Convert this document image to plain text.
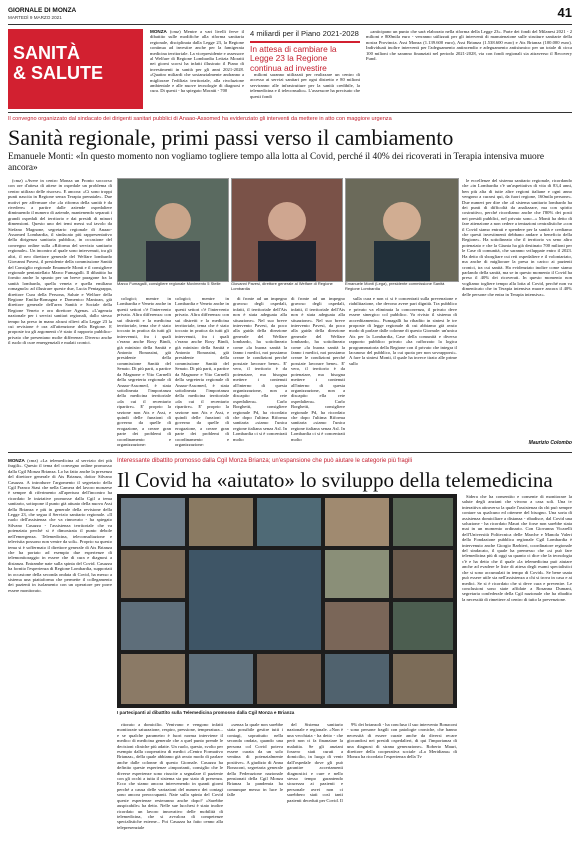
GIORNALE DI MONZA
MARTEDÌ 9 MARZO 2021	41
SANITÀ
& SALUTE

MONZA (cmz) Mentre a vari livelli ferve il dibattito sulle modifiche alla riforma sanitaria regionale, disciplinata dalla Legge 23, la Regione continua ad investire anche per la famigerata medicina territoriale. La vicepresidente e assessore al Welfare di Regione Lombardia Letizia Moratti nei giorni scorsi ha infatti illustrato il Piano di investimenti in sanità per gli anni 2021-2028. «Quattro miliardi che sostanzialmente andranno a migliorare l'edilizia territoriale, alla rivoluzione ambientale e alle nuove tecnologie di diagnosi e cura. Di questi - ha spiegato Moratti - 700

4 miliardi per il Piano 2021-2028
In attesa di cambiare la Legge 23 la Regione continua ad investire

milioni saranno utilizzati per realizzare un centro di accesso ai servizi sanitari per ogni distretto e 80 milioni serviranno alle infrastrutture per la sanità credibile, la telemedicina e il teleconsulto». L'assessore ha precisato che questi fondi

«anticipano un punto che sarà elaborato nella riforma della Legge 23». Parte dei fondi del Milanesi 2021 - 2 milioni e 800mila euro - verranno utilizzati per gli interventi di manutenzione sulle strutture sanitarie della nostra Provincia. Asst Monza (1.139.600 euro), Asst Brianza (1.538.600 euro) e Ats Brianza (100.000 euro). Individuati inoltre interventi per l'adeguamento antincendio e adeguamento antisismico per un totale di circa 100 milioni che saranno finanziati nel periodo 2021-2028, via con fondi regionali sia attraverso il Recovery Fund.

Il convegno organizzato dal sindacato dei dirigenti sanitari pubblici di Anaao-Assomed ha evidenziato gli interventi da mettere in atto con maggiore urgenza
Sanità regionale, primi passi verso il cambiamento
Emanuele Monti: «In questo momento non vogliamo togliere tempo alla lotta al Covid, perché il 40% dei ricoverati in Terapia intensiva muore ancora»

(cmz) «Avere in centro Monza un Pronto soccorso con ore d'attesa di attese in ospedale un problema di centro utilizzo delle risorse». E ancora: «Ci sono troppi punti nascita in Regione senza Terapia prenatale». Due motivi per affermare che «la riforma della sanità è da rivedere» a partire dalle aziende ospedaliere diminuendo il numero di aziende, mantenendo separati i grandi ospedali del territorio e dai presidi di minori dimensioni. Questo uno dei temi messi sul tavolo da Stefano Magnone, segretario regionale di Anaao-Assomed Lombardia, il sindacato più rappresentativo della dirigenza sanitaria pubblica, in occasione del convegno online sulla «Riforma del servizio sanitario regionale». Un incontro al quale sono intervenuti, tra gli altri, il neo direttore generale del Welfare lombardo Giovanni Pavesi, il presidente della commissione Sanità del Consiglio regionale Emanuele Monti e il consigliere regionale pentastellato Marco Fumagalli. Il dibattito ha fornito anche lo spunto per un breve paragone fra la sanità lombarda, quella veneta e quella emiliano romagnola: ad illustrare queste due, Lucia Pentagrappa, direttore Cura della Persona, Salute e Welfare della Regione Emilia-Romagna e Domenico Mantoan, già direttore generale dell'area Sanità e Sociale della Regione Veneto e ora direttore Agenas. «L'agenzia nazionale per i servizi sanitari regionali, dallo stesso tempo ha preso in mano alcuni rilievi alla Legge 23 la cui revisione è ora all'attenzione della Regione. E proposte tra gli argomenti c'è stato il rapporto pubblico-privato che presentano molte differenze. Diverso anche il ruolo di cure emergenziali e malati cronici.

Marco Fumagalli, consigliere regionale Movimento 5 Stelle	Giovanni Pavesi, direttore generale al Welfare di Regione Lombardia
Emanuele Monti (Lega), presidente commissione Sanità Regione Lombardia

cologici; mentre in Lombardia e Veneto anche in questi settori c'è l'intervento privato. Altra differenza: con sui distretti e la medicina territoriale, tema che è stato toccato in pratica da tutti gli intervenuti, fra i quali c'erano anche Rosy Bindi, già ministro della Sanità e Antonio Bonassini, già presidente della commissione Sanità del Senato. Di più parti, a partire da Magnone e Vito Carnelli della segreteria regionale di Anaao-Assomed, è stata sottolineata l'importanza della medicina territoriale «da cui il recentario ripartire». E' proprio la sezione non Ats e Asst, e quindi delle funzioni di governo da quelle di erogazione, a creare gran parte dei problemi di coordinamento e organizzazione:

cologici; mentre in Lombardia e Veneto anche in questi settori c'è l'intervento privato. Altra differenza: con sui distretti e la medicina territoriale, tema che è stato toccato in pratica da tutti gli intervenuti, fra i quali c'erano anche Rosy Bindi, già ministro della Sanità e Antonio Bonassini, già presidente della commissione Sanità del Senato. Di più parti, a partire da Magnone e Vito Carnelli della segreteria regionale di Anaao-Assomed, è stata sottolineata l'importanza della medicina territoriale «da cui il recentario ripartire». E' proprio la sezione non Ats e Asst, e quindi delle funzioni di governo da quelle di erogazione, a creare gran parte dei problemi di coordinamento e organizzazione:

di fronte ad un impegno gravoso degli ospedali, infatti, il territoriale dell'Ats non è stata adeguata alla situazione». Nel suo breve intervento Pavesi, da poco alla guida della direzione generale del Welfare lombardo, ha sottolineato come «la buona sanità la fanno i medici, noi possiamo creare le condizioni perché possiate lavorare bene». E' vero, il territorio è da potenziare, ma bisogna mettere i contenuti all'interno di questa organizzazione, non a discapito ella rete ospedaliera». Carlo Borghetti, consigliere regionale Pd, ha ricordato che dopo l'ultima Riforma sanitaria «siamo l'unica regione italiana senza Asl. In Lombardia ci si è concentrati molto

di fronte ad un impegno gravoso degli ospedali, infatti, il territoriale dell'Ats non è stata adeguata alla situazione». Nel suo breve intervento Pavesi, da poco alla guida della direzione generale del Welfare lombardo, ha sottolineato come «la buona sanità la fanno i medici, noi possiamo creare le condizioni perché possiate lavorare bene». E' vero, il territorio è da potenziare, ma bisogna mettere i contenuti all'interno di questa organizzazione, non a discapito ella rete ospedaliera». Carlo Borghetti, consigliere regionale Pd, ha ricordato che dopo l'ultima Riforma sanitaria «siamo l'unica regione italiana senza Asl. In Lombardia ci si è concentrati molto

sulla cura e non ci si è concentrati sulla prevenzione e riabilitazione, che devono avere pari dignità. Tra pubblico e privato va eliminata la concorrenza, il privato deve essere sinergico col pubblico. Va rivisto il sistema di accreditamento». Fumagalli ha ribadito in sintesi le tre proposte di legge regionale di cui abbiamo già avuto modo di parlare dalle colonne di questo Giornale: un'unica Ats per la Lombardia, Case della comunità e diverso rapporto pubblico privato «ha rafforzato la logica programmatoria della Regione con il privato che integra il lacunoso del pubblico, la cui quota per non sovrapporsi». A fare la sintesi Monti, il quale ha invece tirato alle prime sullo

le eccellenze del sistema sanitario regionale, ricordando che «in Lombardia c'è un'aspettativa di vita di 83,4 anni, ben più alta di tutte altre regioni italiane e ogni anno vengono a curarsi qui, da fuori regione, 160mila persone». Due numeri per dire che «il sistema sanitario lombardo ha dei punti di difficoltà da analizzare, ma con spirito costruttivo, perché ricordiamo anche che l'80% dei posti nei presidi pubblici, nel privato sono...» Monti ha detto di fare attenzione a non cedere a tentazioni centralistiche «con il Covid siamo entrati e spendere per la sanità e crediamo che questi investimenti debbano andare a beneficio della Regione». Ha sottolineato che il territorio va seno altro potenziato e che la Giunta ha già destinato 700 milioni per le Case di comunità, che saranno sviluppate entro il 2023. Ha detto di sborgliare cui reti ospedaliere e il volontariato, ma anche di migliorare la presa in carico ai pazienti cronici, tra cui sanità. Ha evidenziato inoltre come siamo parlando della sanità, ma se in questo momento il Covid ha preso il 40% dei ricoverati. In questo momento non vogliamo togliere tempo alla lotta al Covid, perché non va dimenticato che in Terapia intensiva muore ancora il 40% delle persone che entra in Terapia intensiva».

Maurizio Colombo

MONZA (cmz) «La telemedicina al servizio dei più fragili». Questo il tema del convegno online promosso dalla Cgil Monza Brianza. Lo ha fatto anche la presenza del direttore generale di Ats Brianza, dottor Silvano Casazza. A introdurre l'argomento il segretario della Cgil Franco Stasi che nella Camera del lavoro monzese è sempre di riferimento all'apertura dell'incontro ha ricordato le iniziative promosse dalla Cgil a tema sanitario, sottopone il punto già attuato della nuova Asst della Brianza e più in generale della revisione della Legge 23, che segua il Servizio sanitario regionale. «Il ruolo dell'assistenza che va rinnovato - ha spiegato Silvano Casazza - l'assistenza territoriale che va potenziata perché si è dimostrata il punto debole nell'emergenza. Telemedicina, teleconsultazione e televisita possono non venire da soli». Proprio su questo tema si è soffermato il direttore generale di Ats Brianza che ha portato ad esempio due esperienze di telemonitoraggio in essere che di cura e diagnosi a distanza. Entrambe nate sulla spinta del Covid. Casazza ha fornito l'esperienza di Regione Lombardia, supportati in occasione della seconda ondata di Covid, ha messo a sistema una piattaforma che permette il collegamento dei pazienti in isolamento con un operatore per porre essere monitorato.

Interessante dibattito promosso dalla Cgil Monza Brianza; un'espansione che può aiutare le categorie più fragili
Il Covid ha «aiutato» lo sviluppo della telemedicina
I partecipanti al dibattito sulla Telemedicina promosso dalla Cgil Monza e Brianza

ritorato a domicilio. Venivano e vengono infatti monitorate saturazione, respiro, pressione, temperatura... e se qualche parametro è fuori norma interviene il medico di medicina generale che a quel punto prende le decisioni cliniche più adatte. Un ruolo, questo, svolto per esempio dalla cooperativa di medici «Centro Formativo Brianza», della quale abbiamo già avuto modo di parlare anche dalle colonne di questo Giornale. Casazza ha definito queste esperienze «importanti, consiglio che le diverse esperienze sono riuscite a segnalare il paziente con gli occhi a tutta il sistema sia pur stato di presenza. Ecco che siamo ancora intervenendo in quanti giorni perché a causa delle variazioni del numero dei contagi sono ancora preoccupanti. Nate sulla spinta del Covid queste esperienze resteranno anche dopo? «Sarebbe auspicabile» ha detto. Nelle sue lucchesi è stato inoltre ricordato un lavoro innovativo delle mobilità di telemedicina, che si avvalora di competenze specialistiche esterne... Poi Casazza ha fatto cenno alla telepresenziale

«senza la quale non sarebbe stata possibile gestire tutti i contagi, soprattutto nella seconda ondata, quando una persona col Covid poteva essere curata da un solo ventina di potenzialmente positive». A giudizio di Anna Bonaconi, segretaria generale della Federazione nazionale pensionati della Cgil Monza Brianza la pandemia ha comunque messo in luce le falle

del Sistema sanitario nazionale e regionale. «Non è una vecchiaia - ha detto - che però non ci fa finanziare la malattia. Se gli anziani fossero stati curati a domicilio, in luogo di venir dall'ospedale dove gli può garantire accertamenti diagnostici e cure e nello stesso tempo garantendo sicurezza ai pazienti e personale avrei non ci sarebbero stati così tanti pazienti deceduti per Covid. Il

9% dei brianzoli - ha concluso il suo intervento Bonaconi - sono persone fragili con patologie croniche, che hanno necessità di essere curate anche da diversi recare giocandosi nei presidi ospedalieri, di qui l'importanza di una diagnosi di strana generazione». Roberto Mauri, direttore della cooperativa sociale «La Meridiana» di Monza ha ricordato l'esperienza della Tv

Sidera che ha consentito e consente di monitorare la salute degli anziani che vivono a casa soli. Una tv interattiva attraverso la quale l'assistenza da chi può sempre contare su qualcuno ed ottenere del bisogno. Una sorta di assistenza domiciliare a distanza - ribadisce, dal Covid una soluzione - ha ricordato Mauri che forse non sarebbe stata mai in un momento ordinario. Con Giovanna Vicarelli dell'Università Politecnica delle Marche e Manola Valeri dello Fondazione pubblica regionale Cgil Lombardia è intervenuto anche Giorgio Barbieri, coordinatore regionale del sindacato, il quale ha premesso che «si può fare telemedicina più di oggi su quanto ci dice che la tecnologia c'è e ha detto che il quale «la telemedicina può aiutare anche ad evadere le liste di attesa degli esami specialistici che si sono accumulati in tempo di Covid». Se bene usata può essere utile sia nell'assistenza a chi si trova in casa e ai medici. Se si è ricordato che si deve cura e prevenire. Le conclusioni sono state affidate a Rosanna Dumani, segretaria confederale della Cgil nazionale che ha ribadito la necessità di rimettere al centro di tutto la prevenzione.
